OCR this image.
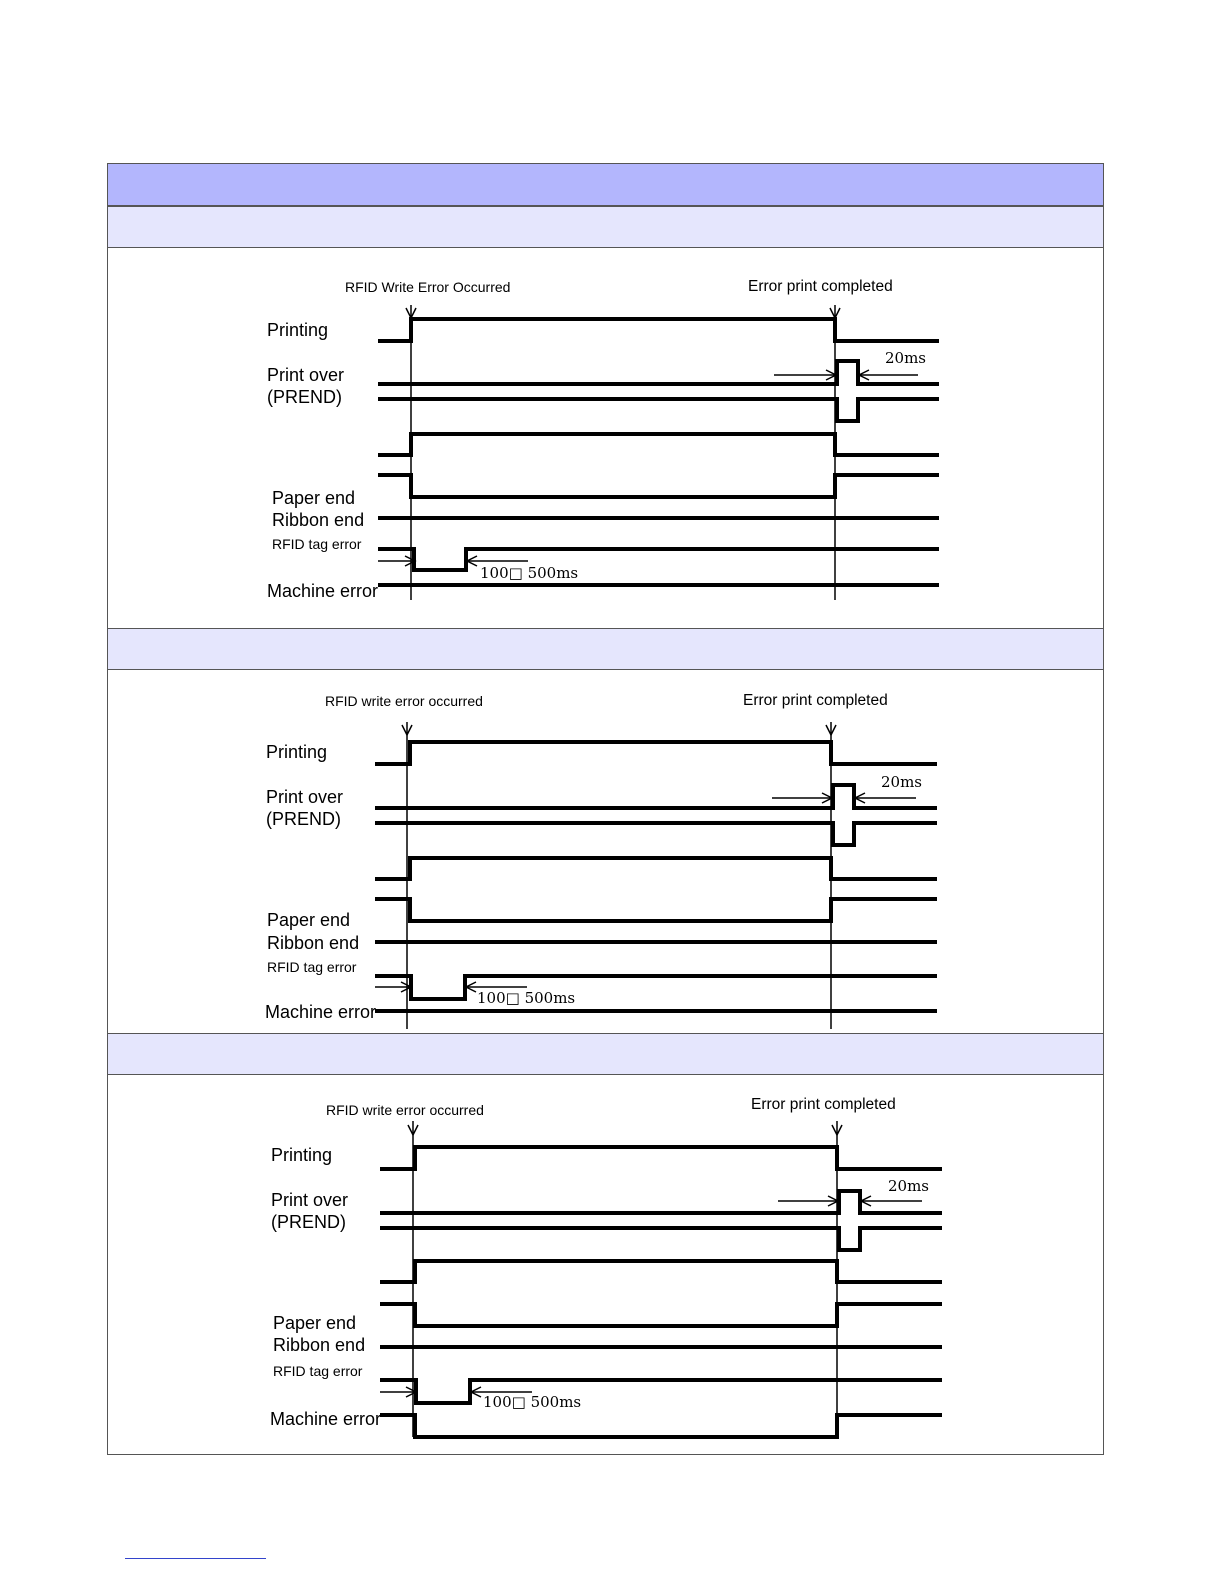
RFID Write Error Occurred	Error print completed
Printing
Print over
(PREND)
Paper end
Ribbon end
RFID tag error
Machine error
20ms
100□ 500ms
RFID write error occurred	Error print completed
Printing
Print over
(PREND)
Paper end
Ribbon end
RFID tag error
Machine error
20ms
100□ 500ms
RFID write error occurred	Error print completed
Printing
Print over
(PREND)
Paper end
Ribbon end
RFID tag error
Machine error
20ms
100□ 500ms
